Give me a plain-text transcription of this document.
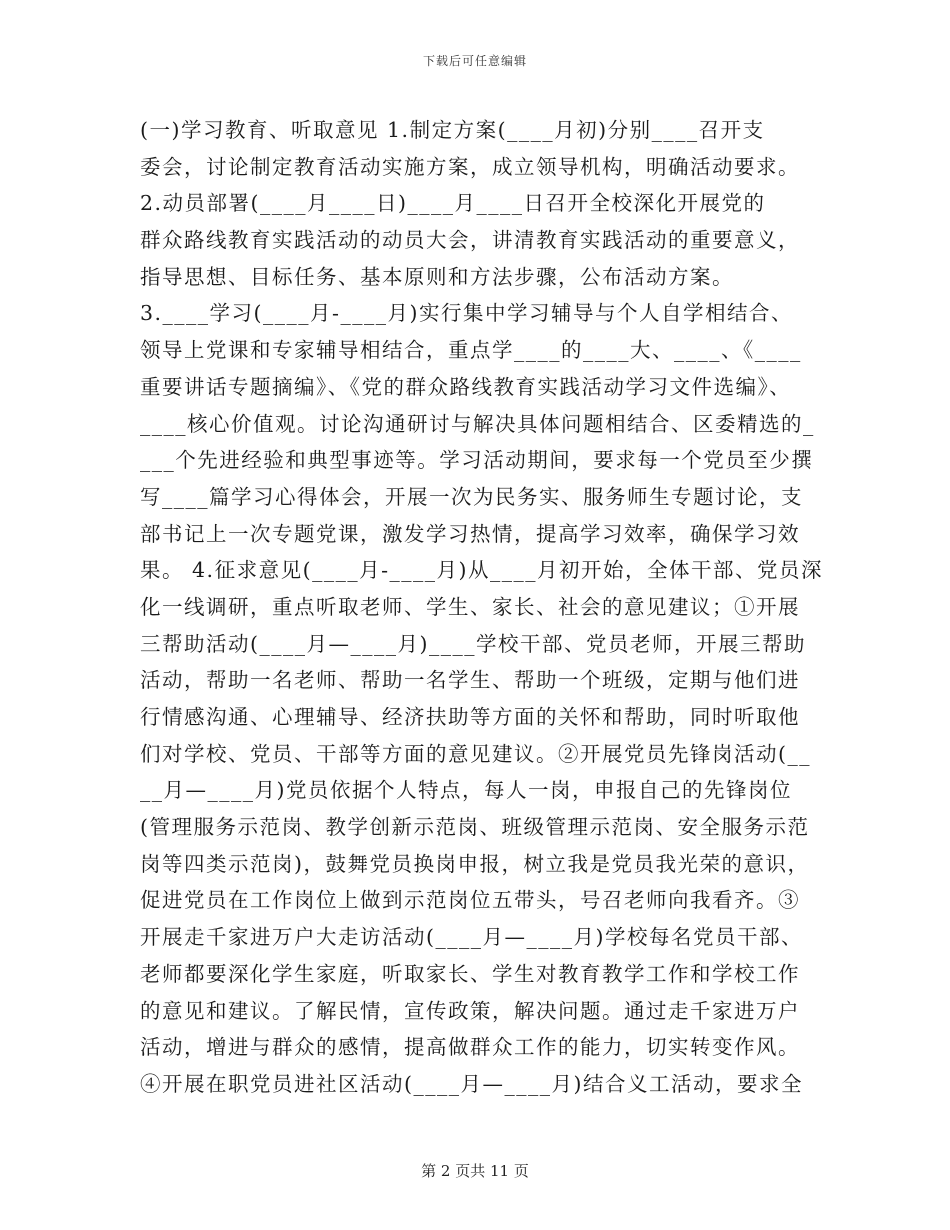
下载后可任意编辑
(一)学习教育、听取意见 1.制定方案(____月初)分别____召开支
委会，讨论制定教育活动实施方案，成立领导机构，明确活动要求。
2.动员部署(____月____日)____月____日召开全校深化开展党的
群众路线教育实践活动的动员大会，讲清教育实践活动的重要意义，
指导思想、目标任务、基本原则和方法步骤，公布活动方案。
3.____学习(____月-____月)实行集中学习辅导与个人自学相结合、
领导上党课和专家辅导相结合，重点学____的____大、____、《____
重要讲话专题摘编》、《党的群众路线教育实践活动学习文件选编》、
____核心价值观。讨论沟通研讨与解决具体问题相结合、区委精选的_
___个先进经验和典型事迹等。学习活动期间，要求每一个党员至少撰
写____篇学习心得体会，开展一次为民务实、服务师生专题讨论，支
部书记上一次专题党课，激发学习热情，提高学习效率，确保学习效
果。 4.征求意见(____月-____月)从____月初开始，全体干部、党员深
化一线调研，重点听取老师、学生、家长、社会的意见建议；①开展
三帮助活动(____月—____月)____学校干部、党员老师，开展三帮助
活动，帮助一名老师、帮助一名学生、帮助一个班级，定期与他们进
行情感沟通、心理辅导、经济扶助等方面的关怀和帮助，同时听取他
们对学校、党员、干部等方面的意见建议。②开展党员先锋岗活动(__
__月—____月)党员依据个人特点，每人一岗，申报自己的先锋岗位
(管理服务示范岗、教学创新示范岗、班级管理示范岗、安全服务示范
岗等四类示范岗)，鼓舞党员换岗申报，树立我是党员我光荣的意识，
促进党员在工作岗位上做到示范岗位五带头，号召老师向我看齐。③
开展走千家进万户大走访活动(____月—____月)学校每名党员干部、
老师都要深化学生家庭，听取家长、学生对教育教学工作和学校工作
的意见和建议。了解民情，宣传政策，解决问题。通过走千家进万户
活动，增进与群众的感情，提高做群众工作的能力，切实转变作风。
④开展在职党员进社区活动(____月—____月)结合义工活动，要求全
第 2 页共 11 页
